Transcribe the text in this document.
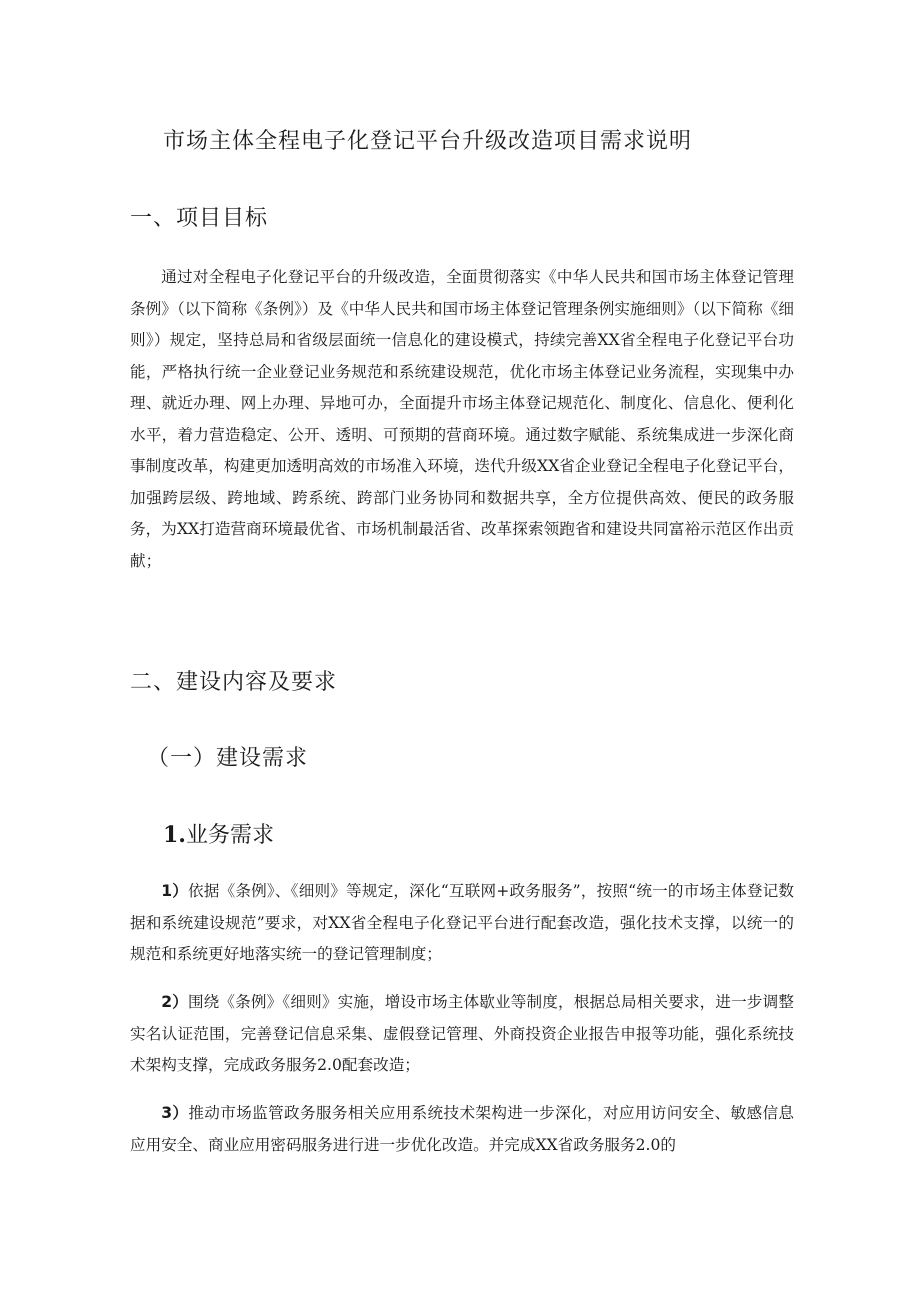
市场主体全程电子化登记平台升级改造项目需求说明
一、项目目标

通过对全程电子化登记平台的升级改造，全面贯彻落实《中华人民共和国市场主体登记管理条例》（以下简称《条例》）及《中华人民共和国市场主体登记管理条例实施细则》（以下简称《细则》）规定，坚持总局和省级层面统一信息化的建设模式，持续完善XX省全程电子化登记平台功能，严格执行统一企业登记业务规范和系统建设规范，优化市场主体登记业务流程，实现集中办理、就近办理、网上办理、异地可办，全面提升市场主体登记规范化、制度化、信息化、便利化水平，着力营造稳定、公开、透明、可预期的营商环境。通过数字赋能、系统集成进一步深化商事制度改革，构建更加透明高效的市场准入环境，迭代升级XX省企业登记全程电子化登记平台，加强跨层级、跨地域、跨系统、跨部门业务协同和数据共享，全方位提供高效、便民的政务服务，为XX打造营商环境最优省、市场机制最活省、改革探索领跑省和建设共同富裕示范区作出贡献；

二、建设内容及要求
（一）建设需求
1.业务需求

1）依据《条例》、《细则》等规定，深化“互联网+政务服务”，按照“统一的市场主体登记数据和系统建设规范”要求，对XX省全程电子化登记平台进行配套改造，强化技术支撑，以统一的规范和系统更好地落实统一的登记管理制度；

2）围绕《条例》《细则》实施，增设市场主体歇业等制度，根据总局相关要求，进一步调整实名认证范围，完善登记信息采集、虚假登记管理、外商投资企业报告申报等功能，强化系统技术架构支撑，完成政务服务2.0配套改造；

3）推动市场监管政务服务相关应用系统技术架构进一步深化，对应用访问安全、敏感信息应用安全、商业应用密码服务进行进一步优化改造。并完成XX省政务服务2.0的
